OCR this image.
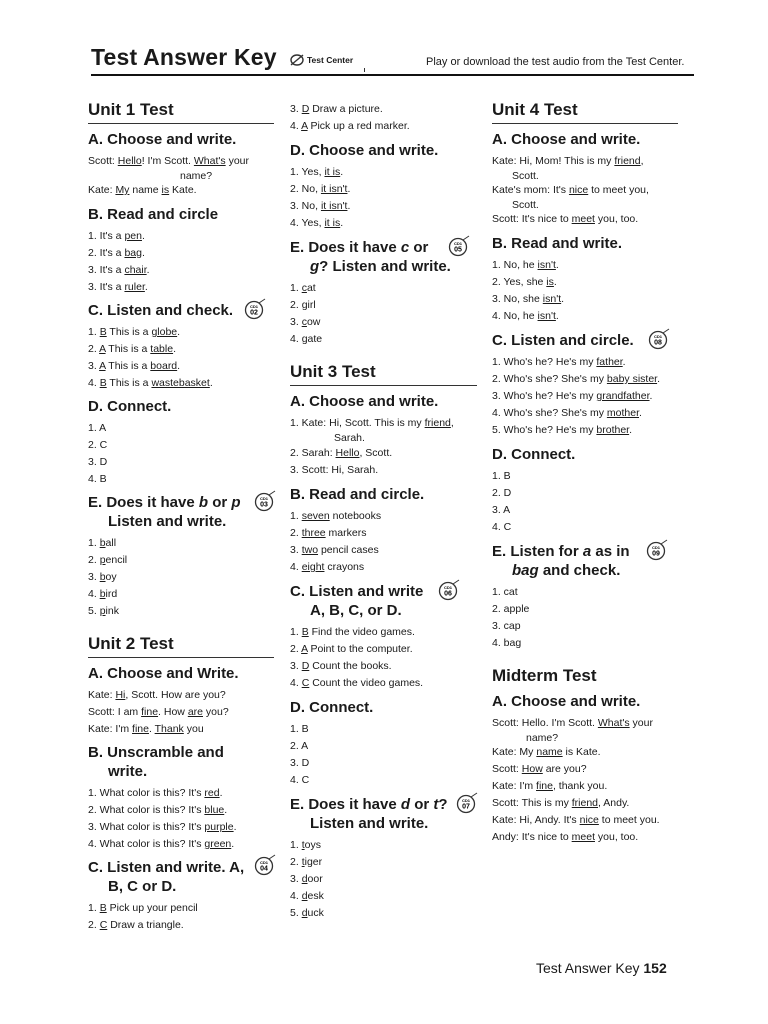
Test Answer Key	Test Center	Play or download the test audio from the Test Center.
Unit 1 Test
A. Choose and write.
Scott: Hello! I'm Scott. What's your
name?
Kate: My name is Kate.
B. Read and circle
1. It's a pen.
2. It's a bag.
3. It's a chair.
3. It's a ruler.
C. Listen and check.	CD1
02
1. B This is a globe.
2. A This is a table.
3. A This is a board.
4. B This is a wastebasket.
D. Connect.
1. A
2. C
3. D
4. B
E. Does it have b or p	CD1
03
Listen and write.
1. ball
2. pencil
3. boy
4. bird
5. pink
Unit 2 Test
A. Choose and Write.
Kate: Hi, Scott. How are you?
Scott: I am fine. How are you?
Kate: I'm fine. Thank you
B. Unscramble and
write.
1. What color is this? It's red.
2. What color is this? It's blue.
3. What color is this? It's purple.
4. What color is this? It's green.
C. Listen and write. A,	CD1
04
B, C or D.
1. B Pick up your pencil
2. C Draw a triangle.
3. D Draw a picture.
4. A Pick up a red marker.
D. Choose and write.
1. Yes, it is.
2. No, it isn't.
3. No, it isn't.
4. Yes, it is.
E. Does it have c or	CD1
05
g? Listen and write.
1. cat
2. girl
3. cow
4. gate
Unit 3 Test
A. Choose and write.
1. Kate: Hi, Scott. This is my friend,
Sarah.
2. Sarah: Hello, Scott.
3. Scott: Hi, Sarah.
B. Read and circle.
1. seven notebooks
2. three markers
3. two pencil cases
4. eight crayons
C. Listen and write	CD1
06
A, B, C, or D.
1. B Find the video games.
2. A Point to the computer.
3. D Count the books.
4. C Count the video games.
D. Connect.
1. B
2. A
3. D
4. C
E. Does it have d or t?	CD1
07
Listen and write.
1. toys
2. tiger
3. door
4. desk
5. duck
Unit 4 Test
A. Choose and write.
Kate: Hi, Mom! This is my friend,
Scott.
Kate's mom: It's nice to meet you,
Scott.
Scott: It's nice to meet you, too.
B. Read and write.
1. No, he isn't.
2. Yes, she is.
3. No, she isn't.
4. No, he isn't.
C. Listen and circle.	CD1
08
1. Who's he? He's my father.
2. Who's she? She's my baby sister.
3. Who's he? He's my grandfather.
4. Who's she? She's my mother.
5. Who's he? He's my brother.
D. Connect.
1. B
2. D
3. A
4. C
E. Listen for a as in	CD1
09
bag and check.
1. cat
2. apple
3. cap
4. bag
Midterm Test
A. Choose and write.
Scott: Hello. I'm Scott. What's your
name?
Kate: My name is Kate.
Scott: How are you?
Kate: I'm fine, thank you.
Scott: This is my friend, Andy.
Kate: Hi, Andy. It's nice to meet you.
Andy: It's nice to meet you, too.
Test Answer Key 152
